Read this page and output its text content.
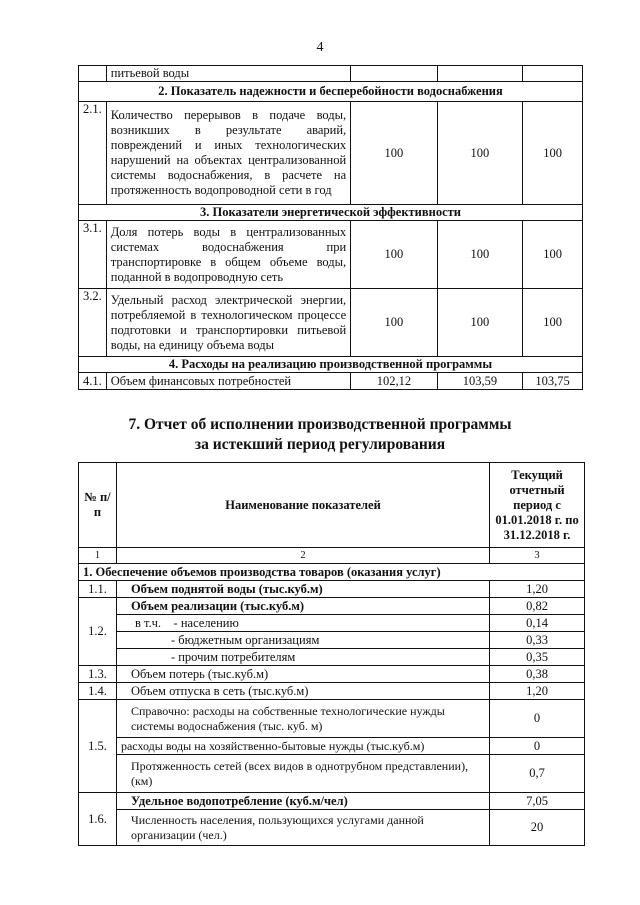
4
	питьевой воды			
2. Показатель надежности и бесперебойности водоснабжения				
2.1.	Количество перерывов в подаче воды, возникших в результате аварий, повреждений и иных технологических нарушений на объектах централизованной системы водоснабжения, в расчете на протяженность водопроводной сети в год	100	100	100
3. Показатели энергетической эффективности				
3.1.	Доля потерь воды в централизованных системах водоснабжения при транспортировке в общем объеме воды, поданной в водопроводную сеть	100	100	100
3.2.	Удельный расход электрической энергии, потребляемой в технологическом процессе подготовки и транспортировки питьевой воды, на единицу объема воды	100	100	100
4. Расходы на реализацию производственной программы				
4.1.	Объем финансовых потребностей	102,12	103,59	103,75
7. Отчет об исполнении производственной программы
за истекший период регулирования
№ п/п	Наименование показателей	Текущий отчетный период с 01.01.2018 г. по 31.12.2018 г.
1	2	3
1. Обеспечение объемов производства товаров (оказания услуг)		
1.1.	Объем поднятой воды (тыс.куб.м)	1,20
1.2.	Объем реализации (тыс.куб.м)	0,82
	в т.ч. - населению	0,14
	- бюджетным организациям	0,33
	- прочим потребителям	0,35
1.3.	Объем потерь (тыс.куб.м)	0,38
1.4.	Объем отпуска в сеть (тыс.куб.м)	1,20
1.5.	Справочно: расходы на собственные технологические нужды системы водоснабжения (тыс. куб. м)	0
	расходы воды на хозяйственно-бытовые нужды (тыс.куб.м)	0
	Протяженность сетей (всех видов в однотрубном представлении), (км)	0,7
1.6.	Удельное водопотребление (куб.м/чел)	7,05
	Численность населения, пользующихся услугами данной организации (чел.)	20
